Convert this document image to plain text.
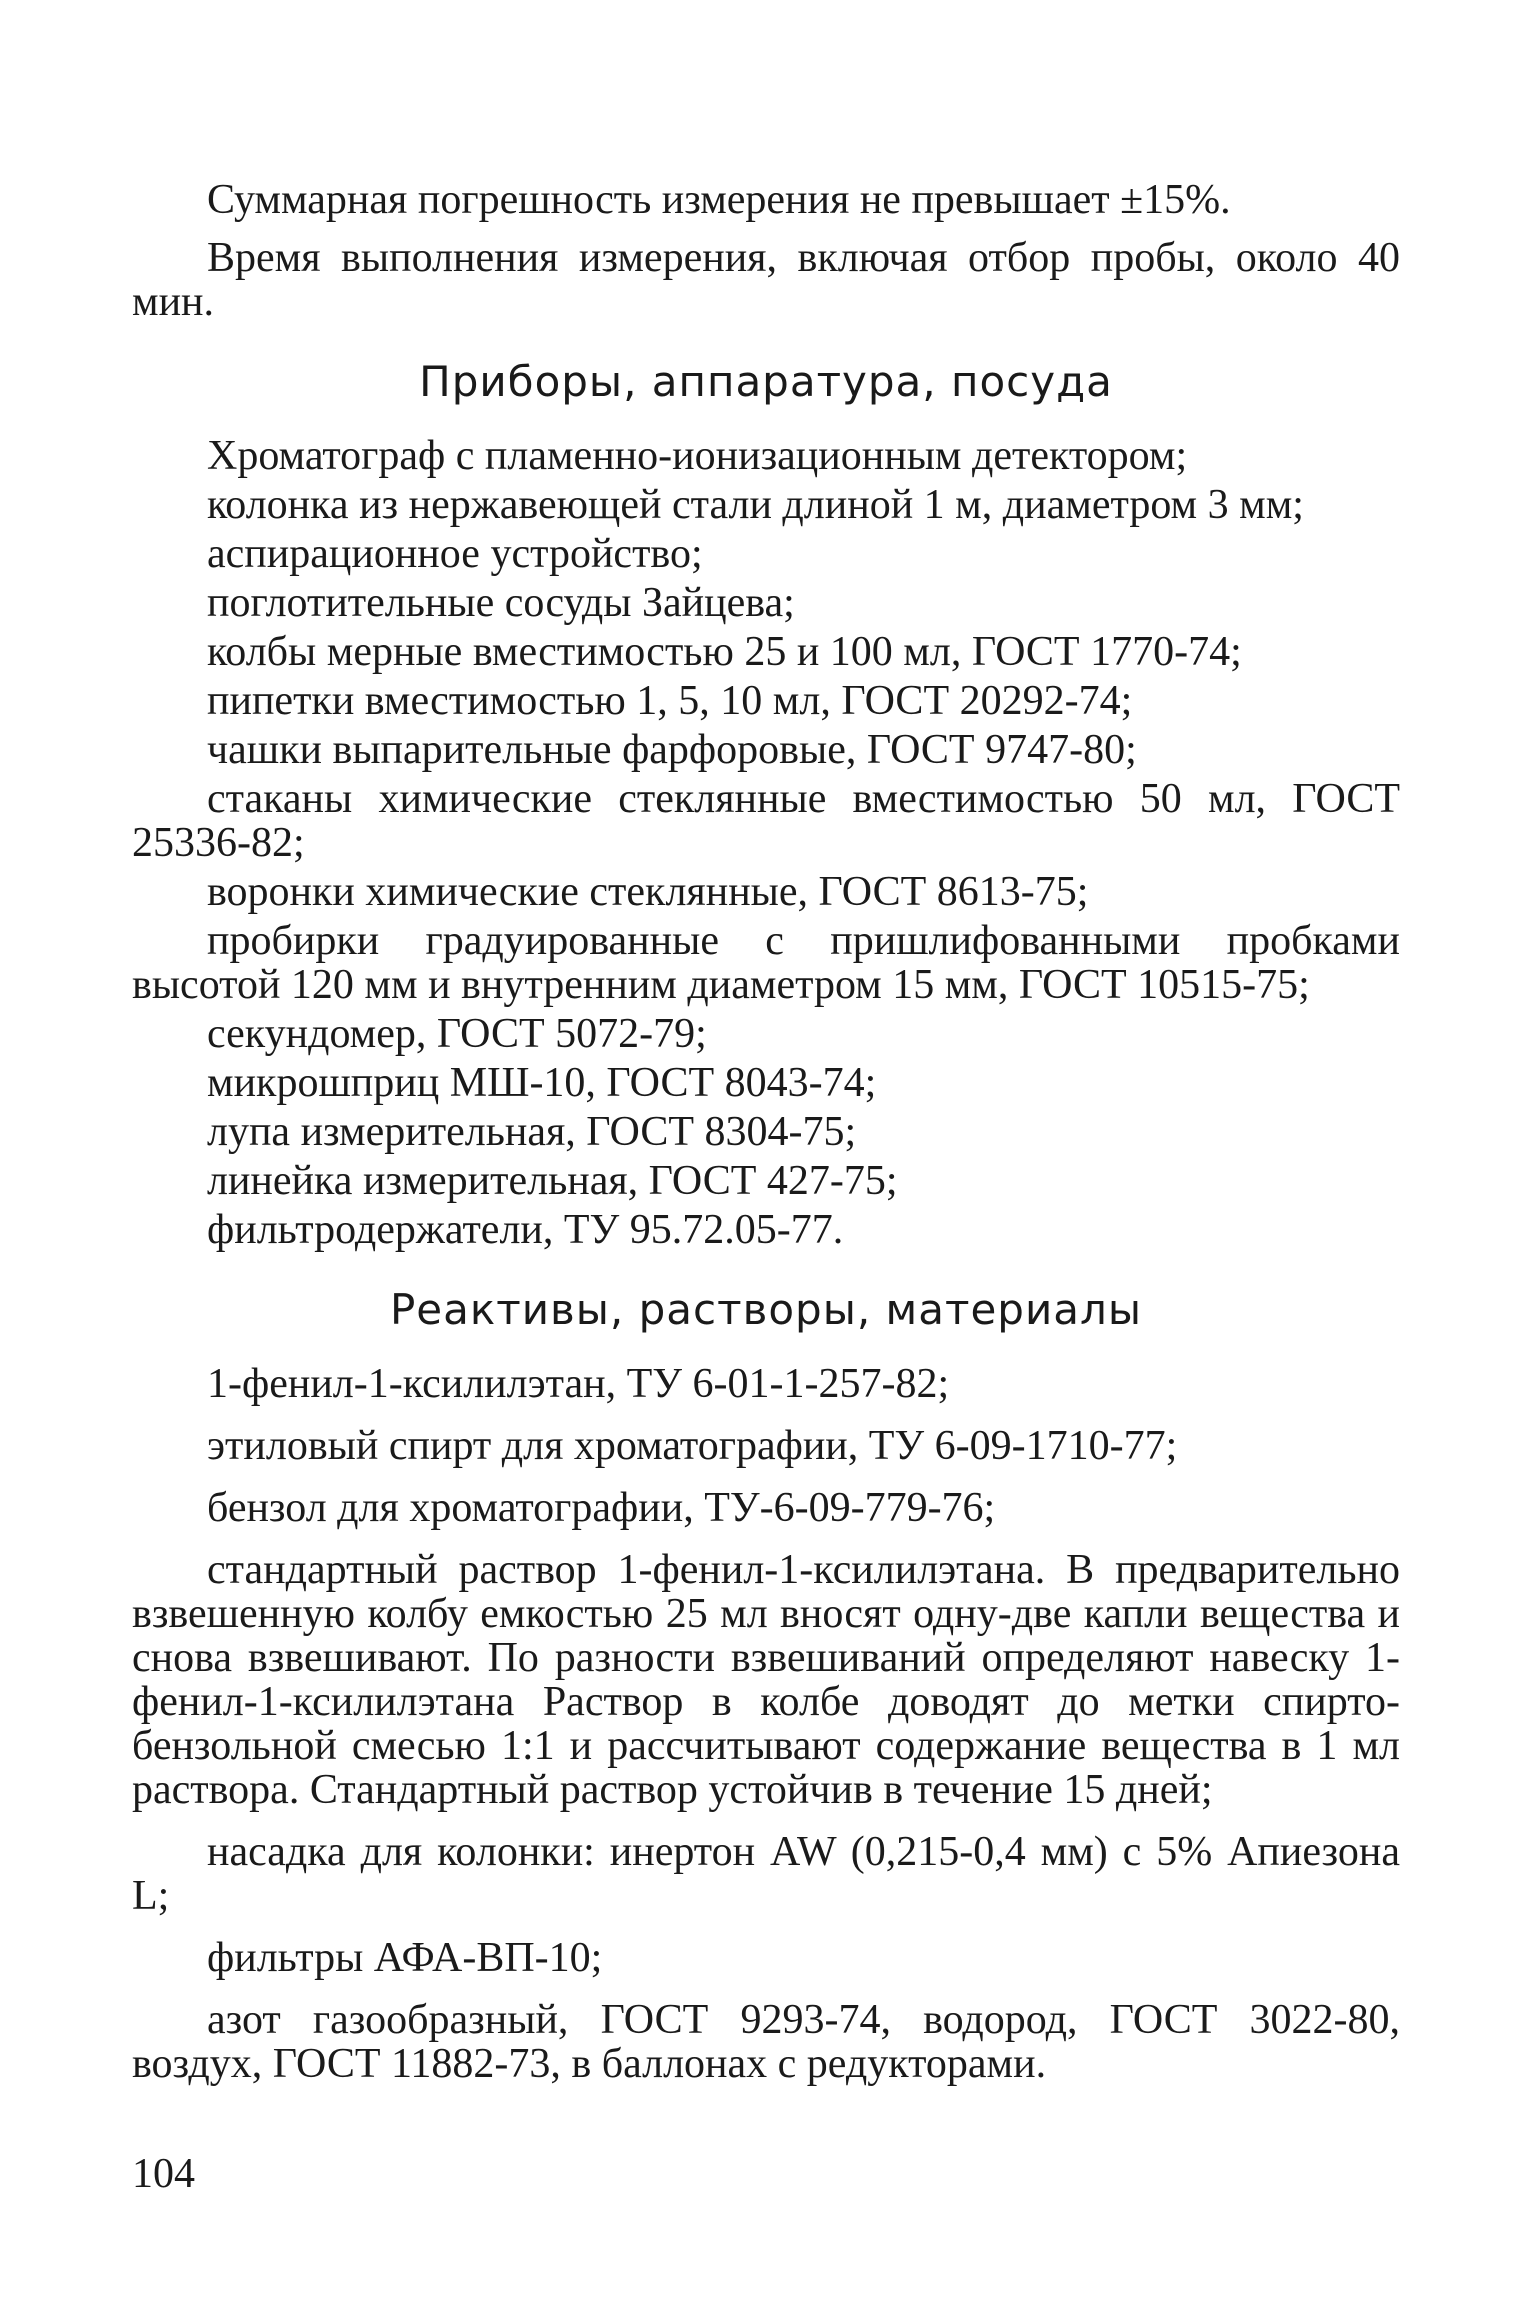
Суммарная погрешность измерения не превышает ±15%.

Время выполнения измерения, включая отбор пробы, около 40 мин.

Приборы, аппаратура, посуда

Хроматограф с пламенно-ионизационным детектором;

колонка из нержавеющей стали длиной 1 м, диаметром 3 мм;

аспирационное устройство;

поглотительные сосуды Зайцева;

колбы мерные вместимостью 25 и 100 мл, ГОСТ 1770-74;

пипетки вместимостью 1, 5, 10 мл, ГОСТ 20292-74;

чашки выпарительные фарфоровые, ГОСТ 9747-80;

стаканы химические стеклянные вместимостью 50 мл, ГОСТ 25336-82;

воронки химические стеклянные, ГОСТ 8613-75;

пробирки градуированные с пришлифованными пробками высотой 120 мм и внутренним диаметром 15 мм, ГОСТ 10515-75;

секундомер, ГОСТ 5072-79;

микрошприц МШ-10, ГОСТ 8043-74;

лупа измерительная, ГОСТ 8304-75;

линейка измерительная, ГОСТ 427-75;

фильтродержатели, ТУ 95.72.05-77.

Реактивы, растворы, материалы

1-фенил-1-ксилилэтан, ТУ 6-01-1-257-82;

этиловый спирт для хроматографии, ТУ 6-09-1710-77;

бензол для хроматографии, ТУ-6-09-779-76;

стандартный раствор 1-фенил-1-ксилилэтана. В предварительно взвешенную колбу емкостью 25 мл вносят одну-две капли вещества и снова взвешивают. По разности взвешиваний определяют навеску 1-фенил-1-ксилилэтана Раствор в колбе доводят до метки спирто-бензольной смесью 1:1 и рассчитывают содержание вещества в 1 мл раствора. Стандартный раствор устойчив в течение 15 дней;

насадка для колонки: инертон AW (0,215-0,4 мм) с 5% Апиезона L;

фильтры АФА-ВП-10;

азот газообразный, ГОСТ 9293-74, водород, ГОСТ 3022-80, воздух, ГОСТ 11882-73, в баллонах с редукторами.

104
